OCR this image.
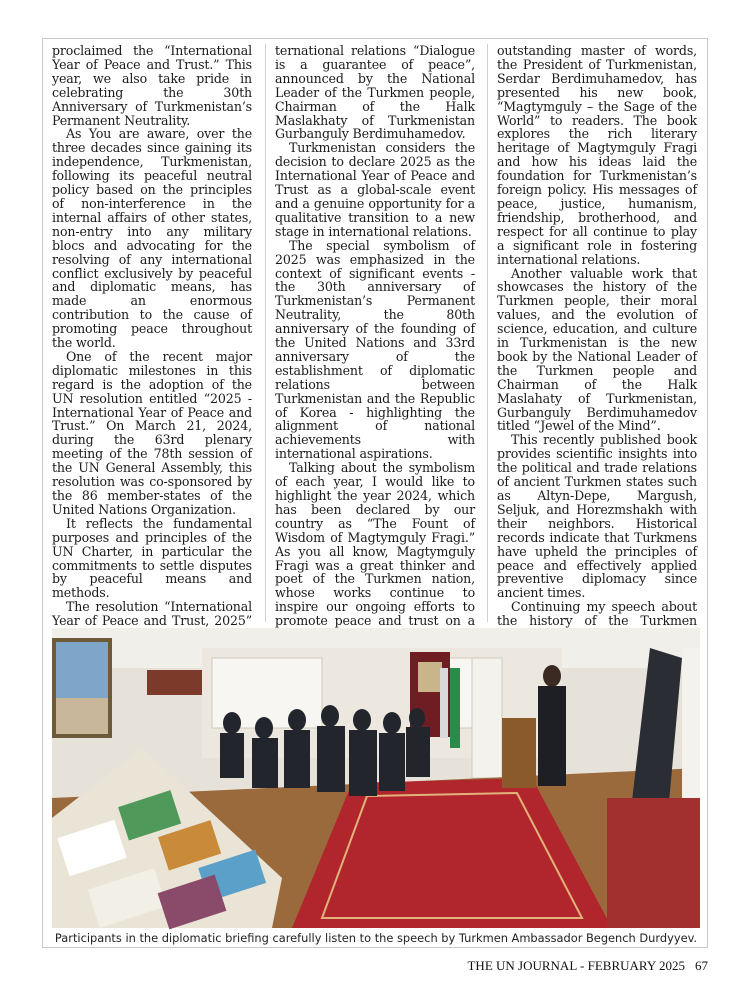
proclaimed the “International Year of Peace and Trust.” This year, we also take pride in celebrating the 30th Anniversary of Turkmenistan’s Permanent Neutrality.

As You are aware, over the three decades since gaining its independence, Turkmenistan, following its peaceful neutral policy based on the principles of non-interference in the internal affairs of other states, non-entry into any military blocs and advocating for the resolving of any international conflict exclusively by peaceful and diplomatic means, has made an enormous contribution to the cause of promoting peace throughout the world.

One of the recent major diplomatic milestones in this regard is the adoption of the UN resolution entitled “2025 - International Year of Peace and Trust.” On March 21, 2024, during the 63rd plenary meeting of the 78th session of the UN General Assembly, this resolution was co-sponsored by the 86 member-states of the United Nations Organization.

It reflects the fundamental purposes and principles of the UN Charter, in particular the commitments to settle disputes by peaceful means and methods.

The resolution “International Year of Peace and Trust, 2025”

ternational relations “Dialogue is a guarantee of peace”, announced by the National Leader of the Turkmen people, Chairman of the Halk Maslakhaty of Turkmenistan Gurbanguly Berdimuhamedov.

Turkmenistan considers the decision to declare 2025 as the International Year of Peace and Trust as a global-scale event and a genuine opportunity for a qualitative transition to a new stage in international relations.

The special symbolism of 2025 was emphasized in the context of significant events - the 30th anniversary of Turkmenistan’s Permanent Neutrality, the 80th anniversary of the founding of the United Nations and 33rd anniversary of the establishment of diplomatic relations between Turkmenistan and the Republic of Korea - highlighting the alignment of national achievements with international aspirations.

Talking about the symbolism of each year, I would like to highlight the year 2024, which has been declared by our country as “The Fount of Wisdom of Magtymguly Fragi.” As you all know, Magtymguly Fragi was a great thinker and poet of the Turkmen nation, whose works continue to inspire our ongoing efforts to promote peace and trust on a

outstanding master of words, the President of Turkmenistan, Serdar Berdimuhamedov, has presented his new book, “Magtymguly – the Sage of the World” to readers. The book explores the rich literary heritage of Magtymguly Fragi and how his ideas laid the foundation for Turkmenistan’s foreign policy. His messages of peace, justice, humanism, friendship, brotherhood, and respect for all continue to play a significant role in fostering international relations.

Another valuable work that showcases the history of the Turkmen people, their moral values, and the evolution of science, education, and culture in Turkmenistan is the new book by the National Leader of the Turkmen people and Chairman of the Halk Maslahaty of Turkmenistan, Gurbanguly Berdimuhamedov titled “Jewel of the Mind”.

This recently published book provides scientific insights into the political and trade relations of ancient Turkmen states such as Altyn-Depe, Margush, Seljuk, and Horezmshakh with their neighbors. Historical records indicate that Turkmens have upheld the principles of peace and effectively applied preventive diplomacy since ancient times.

Continuing my speech about the history of the Turkmen

Participants in the diplomatic briefing carefully listen to the speech by Turkmen Ambassador Begench Durdyyev.
THE UN JOURNAL - FEBRUARY 2025 67
